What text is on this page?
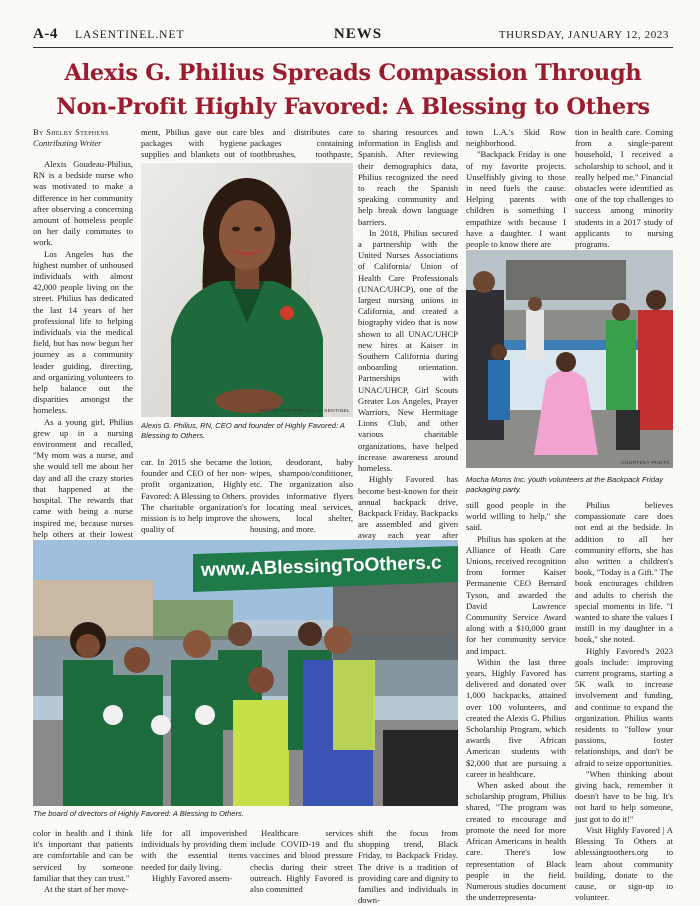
A-4 LASENTINEL.NET	NEWS	THURSDAY, JANUARY 12, 2023
Alexis G. Philius Spreads Compassion Through
Non-Profit Highly Favored: A Blessing to Others
By Shelby Stephens
Contributing Writer

Alexis Goudeau-Philius, RN is a bedside nurse who was motivated to make a difference in her community after observing a concerning amount of homeless people on her daily commutes to work.

Los Angeles has the highest number of unhoused individuals with almost 42,000 people living on the street. Philius has dedicated the last 14 years of her professional life to helping individuals via the medical field, but has now begun her journey as a community leader guiding, directing, and organizing volunteers to help balance out the disparities amongst the homeless.

As a young girl, Philius grew up in a nursing environment and recalled, "My mom was a nurse, and she would tell me about her day and all the crazy stories that happened at the hospital. The rewards that came with being a nurse inspired me, because nurses help others at their lowest

ment, Philius gave out care packages with hygiene supplies and blankets out of

bles and distributes care packages containing toothbrushes, toothpaste,

SHELBY STEPHENS/ L.A. SENTINEL
Alexis G. Philius, RN, CEO and founder of Highly Favored: A Blessing to Others.

car. In 2015 she became the founder and CEO of her non-profit organization, Highly Favored: A Blessing to Others. The charitable organization's mission is to help improve the quality of

lotion, deodorant, baby wipes, shampoo/conditioner, etc. The organization also provides informative flyers for locating meal services, showers, local shelter, housing, and more.

to sharing resources and information in English and Spanish. After reviewing their demographics data, Philius recognized the need to reach the Spanish speaking community and help break down language barriers.

In 2018, Philius secured a partnership with the United Nurses Associations of California/ Union of Health Care Professionals (UNAC/UHCP), one of the largest nursing unions in California, and created a biography video that is now shown to all UNAC/UHCP new hires at Kaiser in Southern California during onboarding orientation. Partnerships with UNAC/UHCP, Girl Scouts Greater Los Angeles, Prayer Warriors, New Hermitage Lions Club, and other various charitable organizations, have helped increase awareness around homeless.

Highly Favored has become best-known for their annual backpack drive, Backpack Friday. Backpacks are assembled and given away each year after

town L.A.'s Skid Row neighborhood.

"Backpack Friday is one of my favorite projects. Unselfishly giving to those in need fuels the cause. Helping parents with children is something I empathize with because I have a daughter. I want people to know there are

tion in health care. Coming from a single-parent household, I received a scholarship to school, and it really helped me." Financial obstacles were identified as one of the top challenges to success among minority students in a 2017 study of applicants to nursing programs.

COURTESY PHOTO
Mocha Moms Inc. youth volunteers at the Backpack Friday packaging party.
www.ABlessingToOthers.c
COURTESY PHOTO
The board of directors of Highly Favored: A Blessing to Others.

still good people in the world willing to help," she said.

Philius has spoken at the Alliance of Heath Care Unions, received recognition from former Kaiser Permanente CEO Bernard Tyson, and awarded the David Lawrence Community Service Award along with a $10,000 grant for her community service and impact.

Within the last three years, Highly Favored has delivered and donated over 1,000 backpacks, attained over 100 volunteers, and created the Alexis G. Philius Scholarship Program, which awards five African American students with $2,000 that are pursuing a career in healthcare.

When asked about the scholarship program, Philius shared, "The program was created to encourage and promote the need for more African Americans in health care. There's low representation of Black people in the field. Numerous studies document the underrepresenta-

Philius believes compassionate care does not end at the bedside. In addition to all her community efforts, she has also written a children's book, "Today is a Gift." The book encourages children and adults to cherish the special moments in life. "I wanted to share the values I instill in my daughter in a book," she noted.

Highly Favored's 2023 goals include: improving current programs, starting a 5K walk to increase involvement and funding, and continue to expand the organization. Philius wants residents to "follow your passions, foster relationships, and don't be afraid to seize opportunities.

"When thinking about giving back, remember it doesn't have to be big. It's not hard to help someone, just got to do it!"

Visit Highly Favored | A Blessing To Others at ablessingtoothers.org to learn about community building, donate to the cause, or sign-up to volunteer.

color in health and I think it's important that patients are comfortable and can be serviced by someone familiar that they can trust."

At the start of her move-

life for all impoverished individuals by providing them with the essential items needed for daily living.

Highly Favored assem-

Healthcare services include COVID-19 and flu vaccines and blood pressure checks during their street outreach. Highly Favored is also committed

shift the focus from shopping trend, Black Friday, to Backpack Friday. The drive is a tradition of providing care and dignity to families and individuals in down-
